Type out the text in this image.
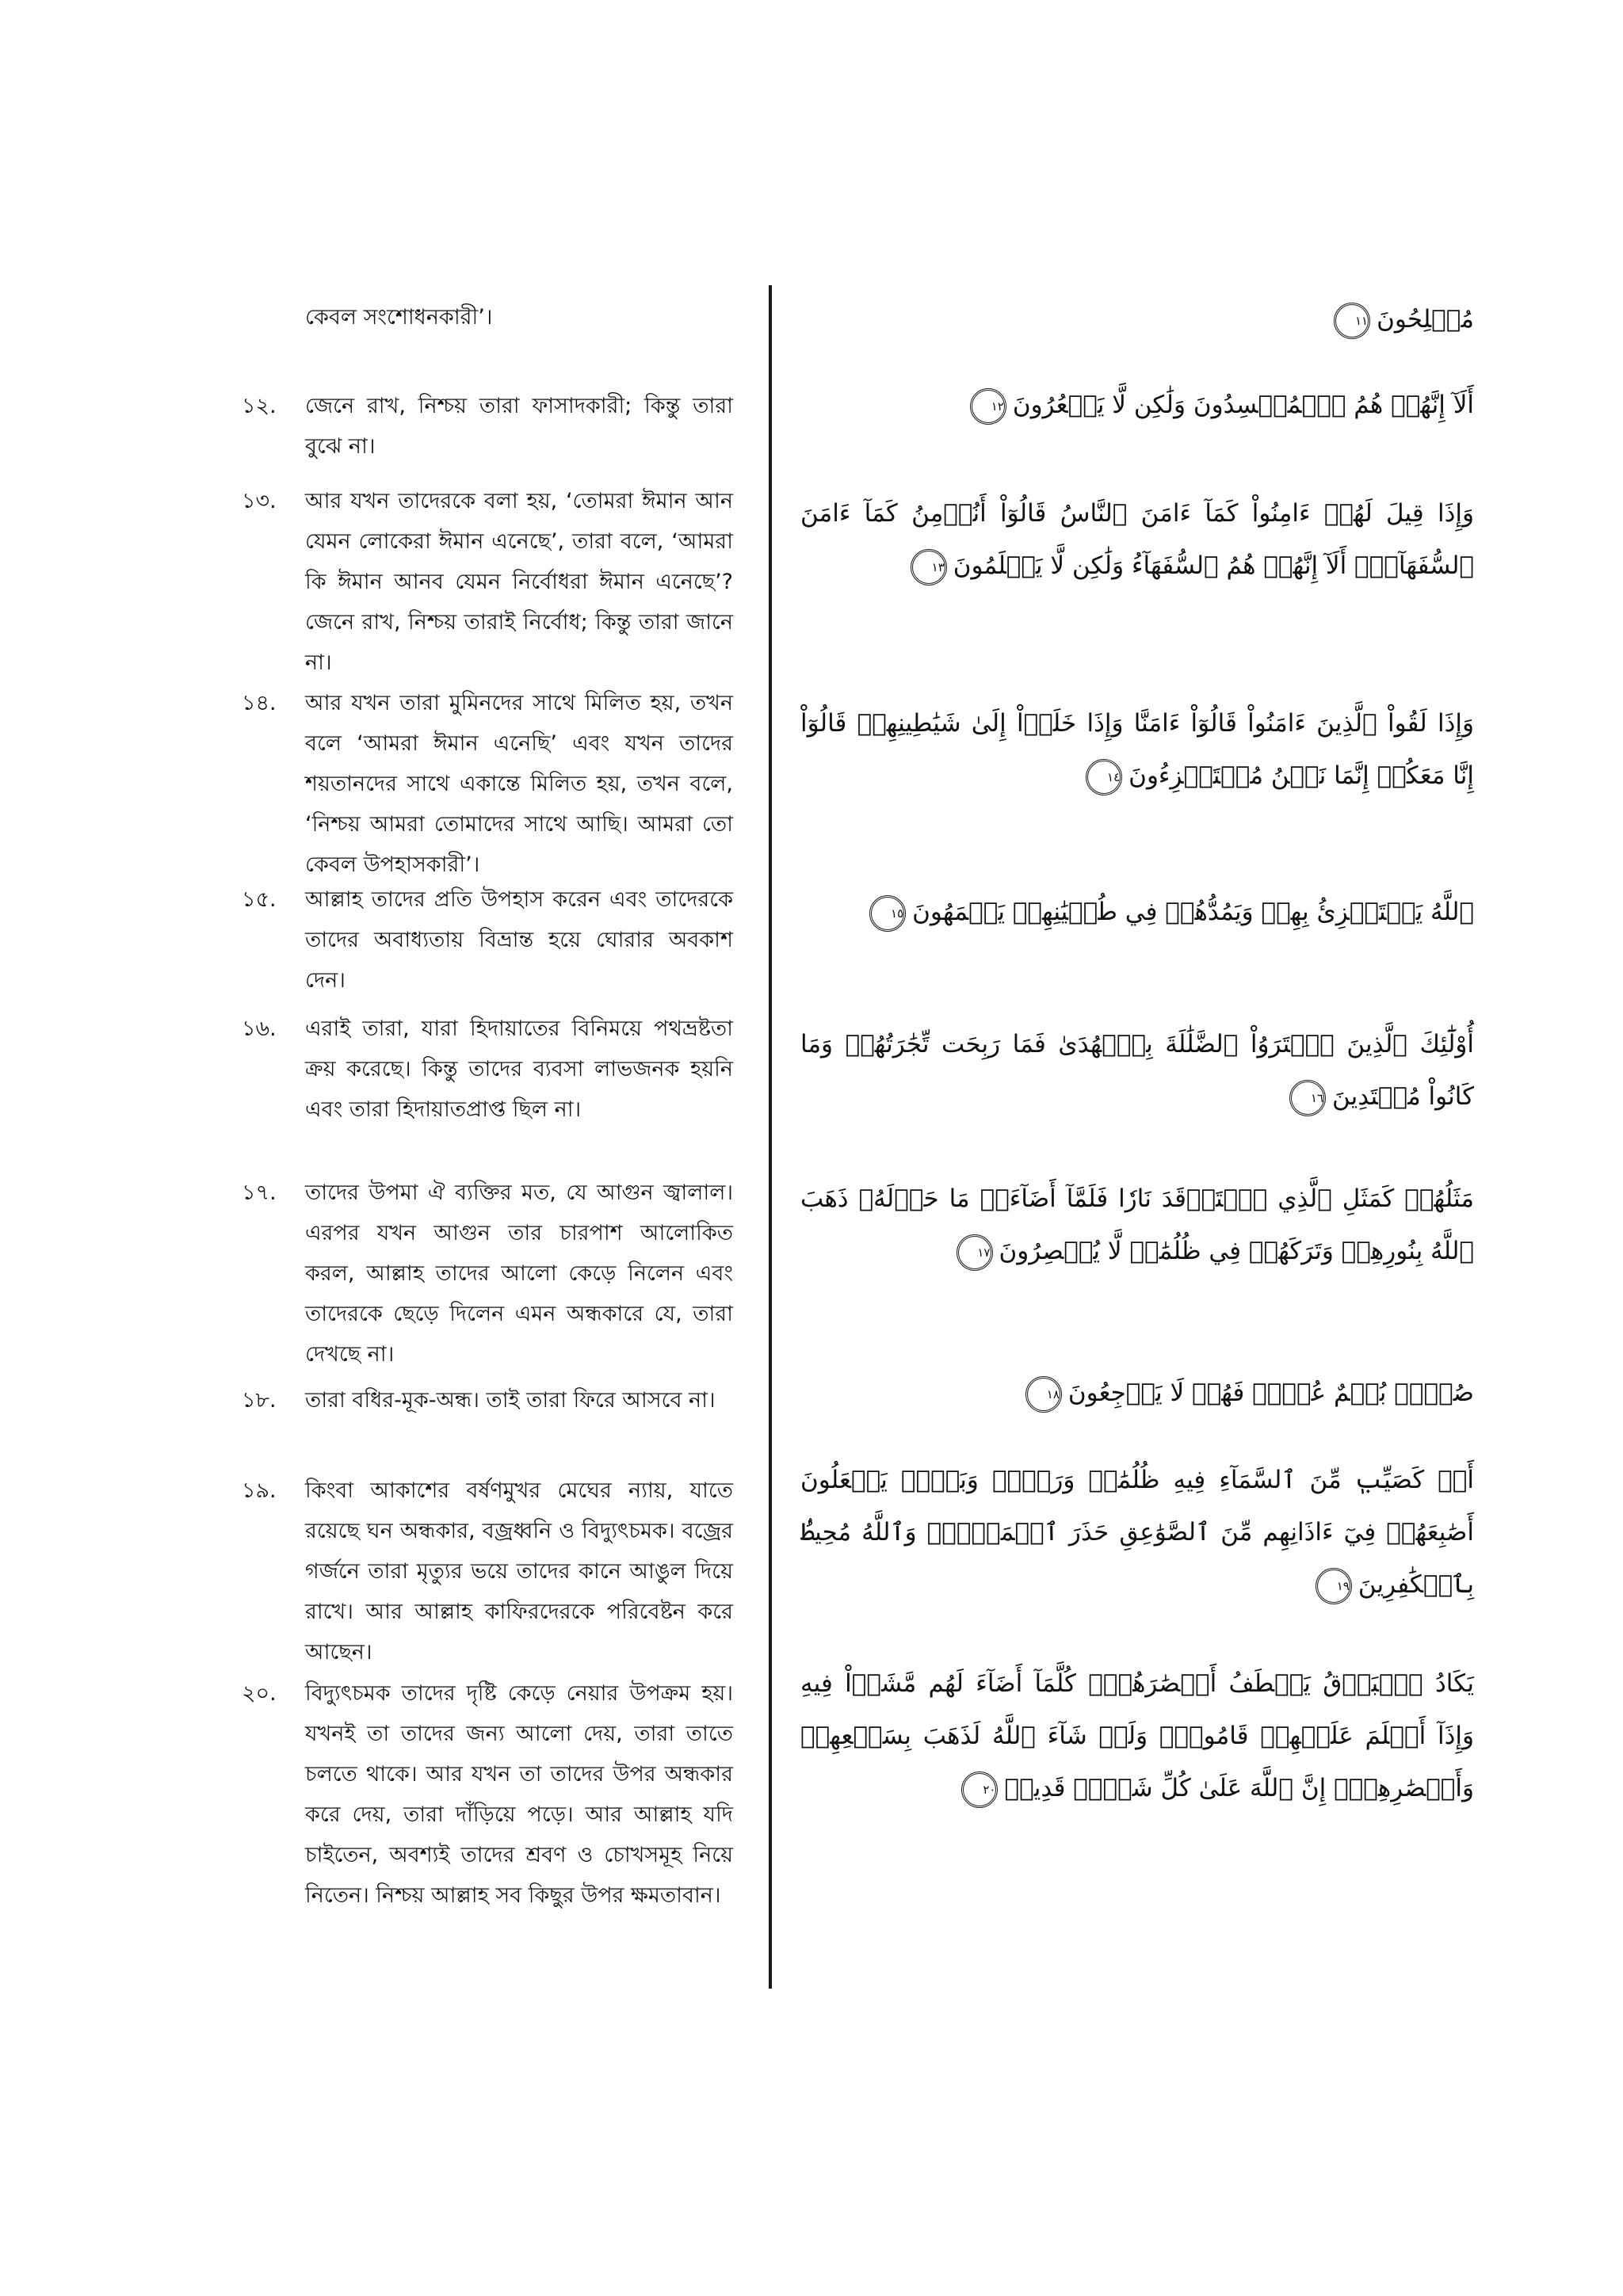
কেবল সংশোধনকারী’।
১২. জেনে রাখ, নিশ্চয় তারা ফাসাদকারী; কিন্তু তারা বুঝে না।
১৩. আর যখন তাদেরকে বলা হয়, ‘তোমরা ঈমান আন যেমন লোকেরা ঈমান এনেছে’, তারা বলে, ‘আমরা কি ঈমান আনব যেমন নির্বোধরা ঈমান এনেছে’? জেনে রাখ, নিশ্চয় তারাই নির্বোধ; কিন্তু তারা জানে না।
১৪. আর যখন তারা মুমিনদের সাথে মিলিত হয়, তখন বলে ‘আমরা ঈমান এনেছি’ এবং যখন তাদের শয়তানদের সাথে একান্তে মিলিত হয়, তখন বলে, ‘নিশ্চয় আমরা তোমাদের সাথে আছি। আমরা তো কেবল উপহাসকারী’।
১৫. আল্লাহ তাদের প্রতি উপহাস করেন এবং তাদেরকে তাদের অবাধ্যতায় বিভ্রান্ত হয়ে ঘোরার অবকাশ দেন।
১৬. এরাই তারা, যারা হিদায়াতের বিনিময়ে পথভ্রষ্টতা ক্রয় করেছে। কিন্তু তাদের ব্যবসা লাভজনক হয়নি এবং তারা হিদায়াতপ্রাপ্ত ছিল না।
১৭. তাদের উপমা ঐ ব্যক্তির মত, যে আগুন জ্বালাল। এরপর যখন আগুন তার চারপাশ আলোকিত করল, আল্লাহ তাদের আলো কেড়ে নিলেন এবং তাদেরকে ছেড়ে দিলেন এমন অন্ধকারে যে, তারা দেখছে না।
১৮. তারা বধির-মূক-অন্ধ। তাই তারা ফিরে আসবে না।
১৯. কিংবা আকাশের বর্ষণমুখর মেঘের ন্যায়, যাতে রয়েছে ঘন অন্ধকার, বজ্রধ্বনি ও বিদ্যুৎচমক। বজ্রের গর্জনে তারা মৃত্যুর ভয়ে তাদের কানে আঙুল দিয়ে রাখে। আর আল্লাহ কাফিরদেরকে পরিবেষ্টন করে আছেন।
২০. বিদ্যুৎচমক তাদের দৃষ্টি কেড়ে নেয়ার উপক্রম হয়। যখনই তা তাদের জন্য আলো দেয়, তারা তাতে চলতে থাকে। আর যখন তা তাদের উপর অন্ধকার করে দেয়, তারা দাঁড়িয়ে পড়ে। আর আল্লাহ যদি চাইতেন, অবশ্যই তাদের শ্রবণ ও চোখসমূহ নিয়ে নিতেন। নিশ্চয় আল্লাহ সব কিছুর উপর ক্ষমতাবান।
مُصۡلِحُونَ١١
أَلَآ إِنَّهُمۡ هُمُ ٱلۡمُفۡسِدُونَ وَلَٰكِن لَّا يَشۡعُرُونَ١٢
وَإِذَا قِيلَ لَهُمۡ ءَامِنُواْ كَمَآ ءَامَنَ ٱلنَّاسُ قَالُوٓاْ أَنُؤۡمِنُ كَمَآ ءَامَنَ ٱلسُّفَهَآءُۗ أَلَآ إِنَّهُمۡ هُمُ ٱلسُّفَهَآءُ وَلَٰكِن لَّا يَعۡلَمُونَ١٣
وَإِذَا لَقُواْ ٱلَّذِينَ ءَامَنُواْ قَالُوٓاْ ءَامَنَّا وَإِذَا خَلَوۡاْ إِلَىٰ شَيَٰطِينِهِمۡ قَالُوٓاْ إِنَّا مَعَكُمۡ إِنَّمَا نَحۡنُ مُسۡتَهۡزِءُونَ١٤
ٱللَّهُ يَسۡتَهۡزِئُ بِهِمۡ وَيَمُدُّهُمۡ فِي طُغۡيَٰنِهِمۡ يَعۡمَهُونَ١٥
أُوْلَٰٓئِكَ ٱلَّذِينَ ٱشۡتَرَوُاْ ٱلضَّلَٰلَةَ بِٱلۡهُدَىٰ فَمَا رَبِحَت تِّجَٰرَتُهُمۡ وَمَا كَانُواْ مُهۡتَدِينَ١٦
مَثَلُهُمۡ كَمَثَلِ ٱلَّذِي ٱسۡتَوۡقَدَ نَارٗا فَلَمَّآ أَضَآءَتۡ مَا حَوۡلَهُۥ ذَهَبَ ٱللَّهُ بِنُورِهِمۡ وَتَرَكَهُمۡ فِي ظُلُمَٰتٖ لَّا يُبۡصِرُونَ١٧
صُمُّۢ بُكۡمٌ عُمۡيٞ فَهُمۡ لَا يَرۡجِعُونَ١٨
أَوۡ كَصَيِّبٖ مِّنَ ٱلسَّمَآءِ فِيهِ ظُلُمَٰتٞ وَرَعۡدٞ وَبَرۡقٞ يَجۡعَلُونَ أَصَٰبِعَهُمۡ فِيٓ ءَاذَانِهِم مِّنَ ٱلصَّوَٰعِقِ حَذَرَ ٱلۡمَوۡتِۚ وَٱللَّهُ مُحِيطُۢ بِٱلۡكَٰفِرِينَ١٩
يَكَادُ ٱلۡبَرۡقُ يَخۡطَفُ أَبۡصَٰرَهُمۡۖ كُلَّمَآ أَضَآءَ لَهُم مَّشَوۡاْ فِيهِ وَإِذَآ أَظۡلَمَ عَلَيۡهِمۡ قَامُواْۚ وَلَوۡ شَآءَ ٱللَّهُ لَذَهَبَ بِسَمۡعِهِمۡ وَأَبۡصَٰرِهِمۡۚ إِنَّ ٱللَّهَ عَلَىٰ كُلِّ شَيۡءٖ قَدِيرٞ٢٠
